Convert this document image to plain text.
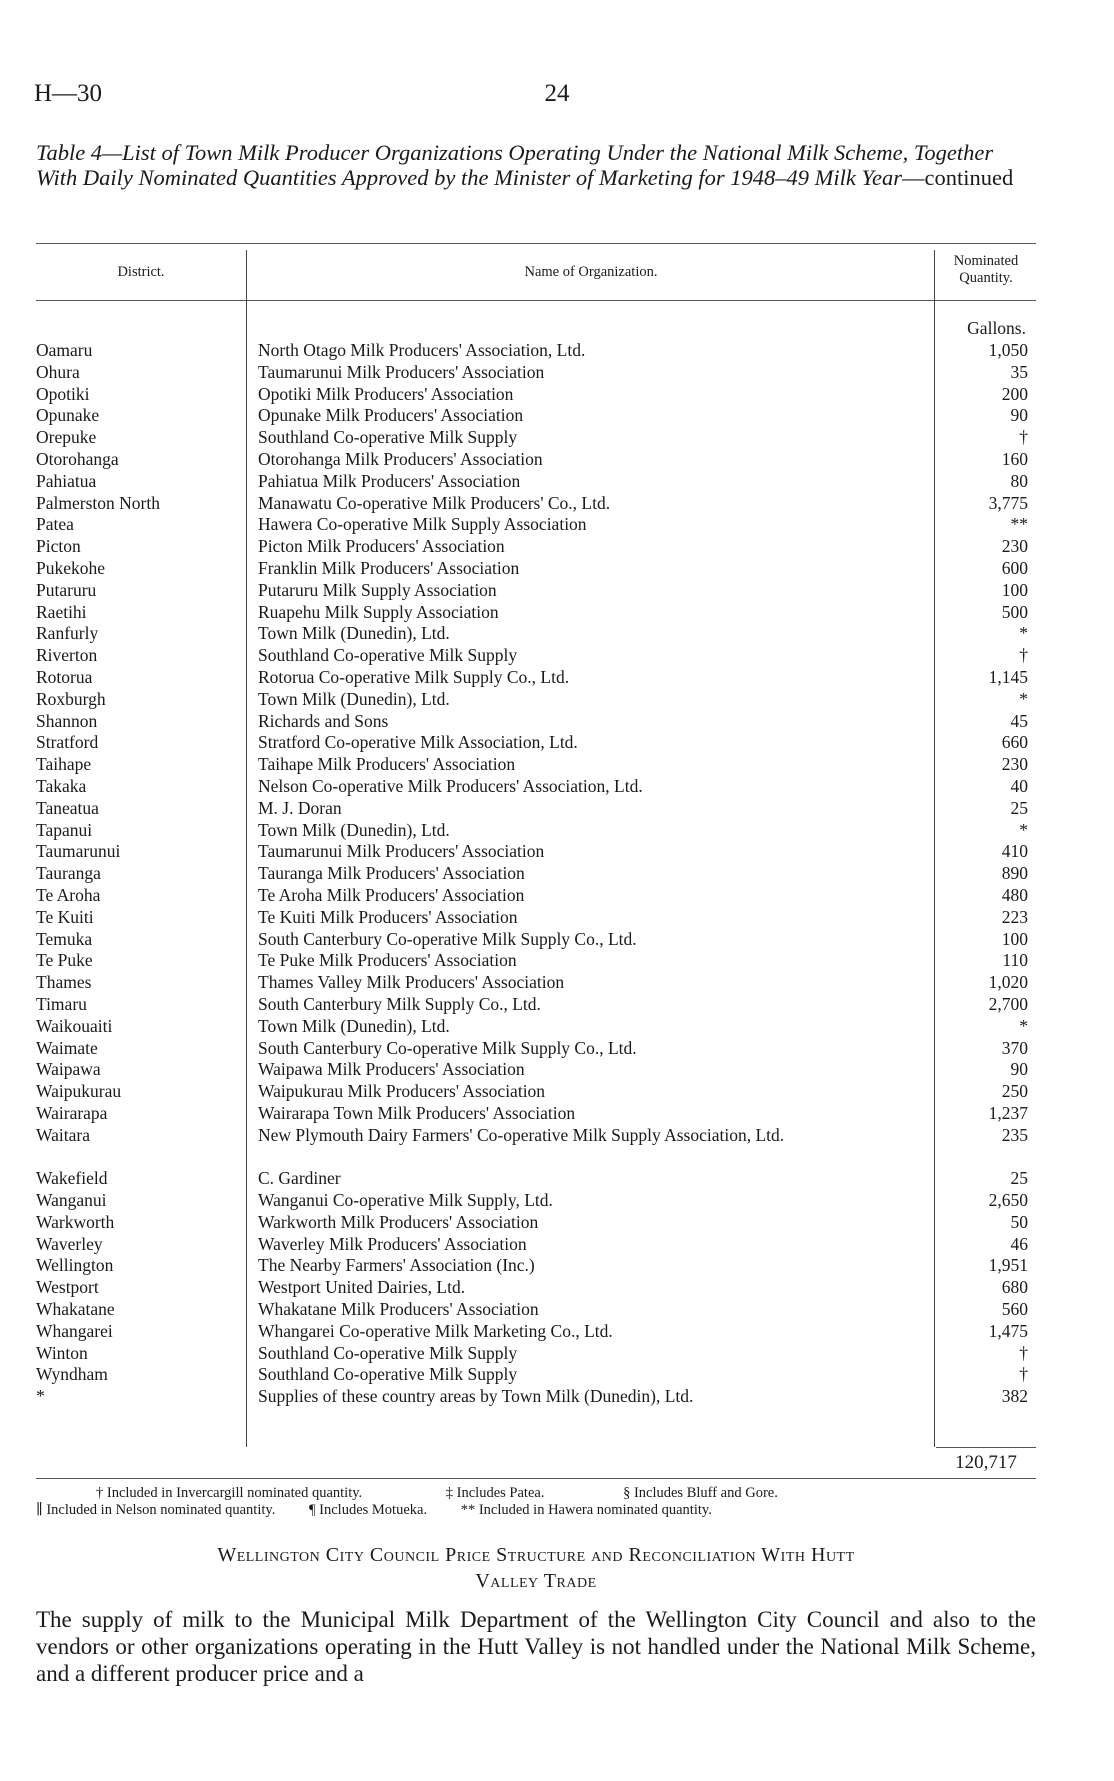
H—30	24
Table 4—List of Town Milk Producer Organizations Operating Under the National Milk Scheme, Together With Daily Nominated Quantities Approved by the Minister of Marketing for 1948–49 Milk Year—continued
District.	Name of Organization.
Nominated
Quantity.
Gallons.
Oamaru	North Otago Milk Producers' Association, Ltd.	1,050
Ohura	Taumarunui Milk Producers' Association	35
Opotiki	Opotiki Milk Producers' Association	200
Opunake	Opunake Milk Producers' Association	90
Orepuke	Southland Co-operative Milk Supply	†
Otorohanga	Otorohanga Milk Producers' Association	160
Pahiatua	Pahiatua Milk Producers' Association	80
Palmerston North	Manawatu Co-operative Milk Producers' Co., Ltd.	3,775
Patea	Hawera Co-operative Milk Supply Association	**
Picton	Picton Milk Producers' Association	230
Pukekohe	Franklin Milk Producers' Association	600
Putaruru	Putaruru Milk Supply Association	100
Raetihi	Ruapehu Milk Supply Association	500
Ranfurly	Town Milk (Dunedin), Ltd.	*
Riverton	Southland Co-operative Milk Supply	†
Rotorua	Rotorua Co-operative Milk Supply Co., Ltd.	1,145
Roxburgh	Town Milk (Dunedin), Ltd.	*
Shannon	Richards and Sons	45
Stratford	Stratford Co-operative Milk Association, Ltd.	660
Taihape	Taihape Milk Producers' Association	230
Takaka	Nelson Co-operative Milk Producers' Association, Ltd.	40
Taneatua	M. J. Doran	25
Tapanui	Town Milk (Dunedin), Ltd.	*
Taumarunui	Taumarunui Milk Producers' Association	410
Tauranga	Tauranga Milk Producers' Association	890
Te Aroha	Te Aroha Milk Producers' Association	480
Te Kuiti	Te Kuiti Milk Producers' Association	223
Temuka	South Canterbury Co-operative Milk Supply Co., Ltd.	100
Te Puke	Te Puke Milk Producers' Association	110
Thames	Thames Valley Milk Producers' Association	1,020
Timaru	South Canterbury Milk Supply Co., Ltd.	2,700
Waikouaiti	Town Milk (Dunedin), Ltd.	*
Waimate	South Canterbury Co-operative Milk Supply Co., Ltd.	370
Waipawa	Waipawa Milk Producers' Association	90
Waipukurau	Waipukurau Milk Producers' Association	250
Wairarapa	Wairarapa Town Milk Producers' Association	1,237
Waitara	New Plymouth Dairy Farmers' Co-operative Milk Supply Association, Ltd.	235
Wakefield	C. Gardiner	25
Wanganui	Wanganui Co-operative Milk Supply, Ltd.	2,650
Warkworth	Warkworth Milk Producers' Association	50
Waverley	Waverley Milk Producers' Association	46
Wellington	The Nearby Farmers' Association (Inc.)	1,951
Westport	Westport United Dairies, Ltd.	680
Whakatane	Whakatane Milk Producers' Association	560
Whangarei	Whangarei Co-operative Milk Marketing Co., Ltd.	1,475
Winton	Southland Co-operative Milk Supply	†
Wyndham	Southland Co-operative Milk Supply	†
*	Supplies of these country areas by Town Milk (Dunedin), Ltd.	382
120,717
† Included in Invercargill nominated quantity.	‡ Includes Patea.	§ Includes Bluff and Gore.
∥ Included in Nelson nominated quantity. ¶ Includes Motueka. ** Included in Hawera nominated quantity.
Wellington City Council Price Structure and Reconciliation With Hutt
Valley Trade
The supply of milk to the Municipal Milk Department of the Wellington City Council and also to the vendors or other organizations operating in the Hutt Valley is not handled under the National Milk Scheme, and a different producer price and a
